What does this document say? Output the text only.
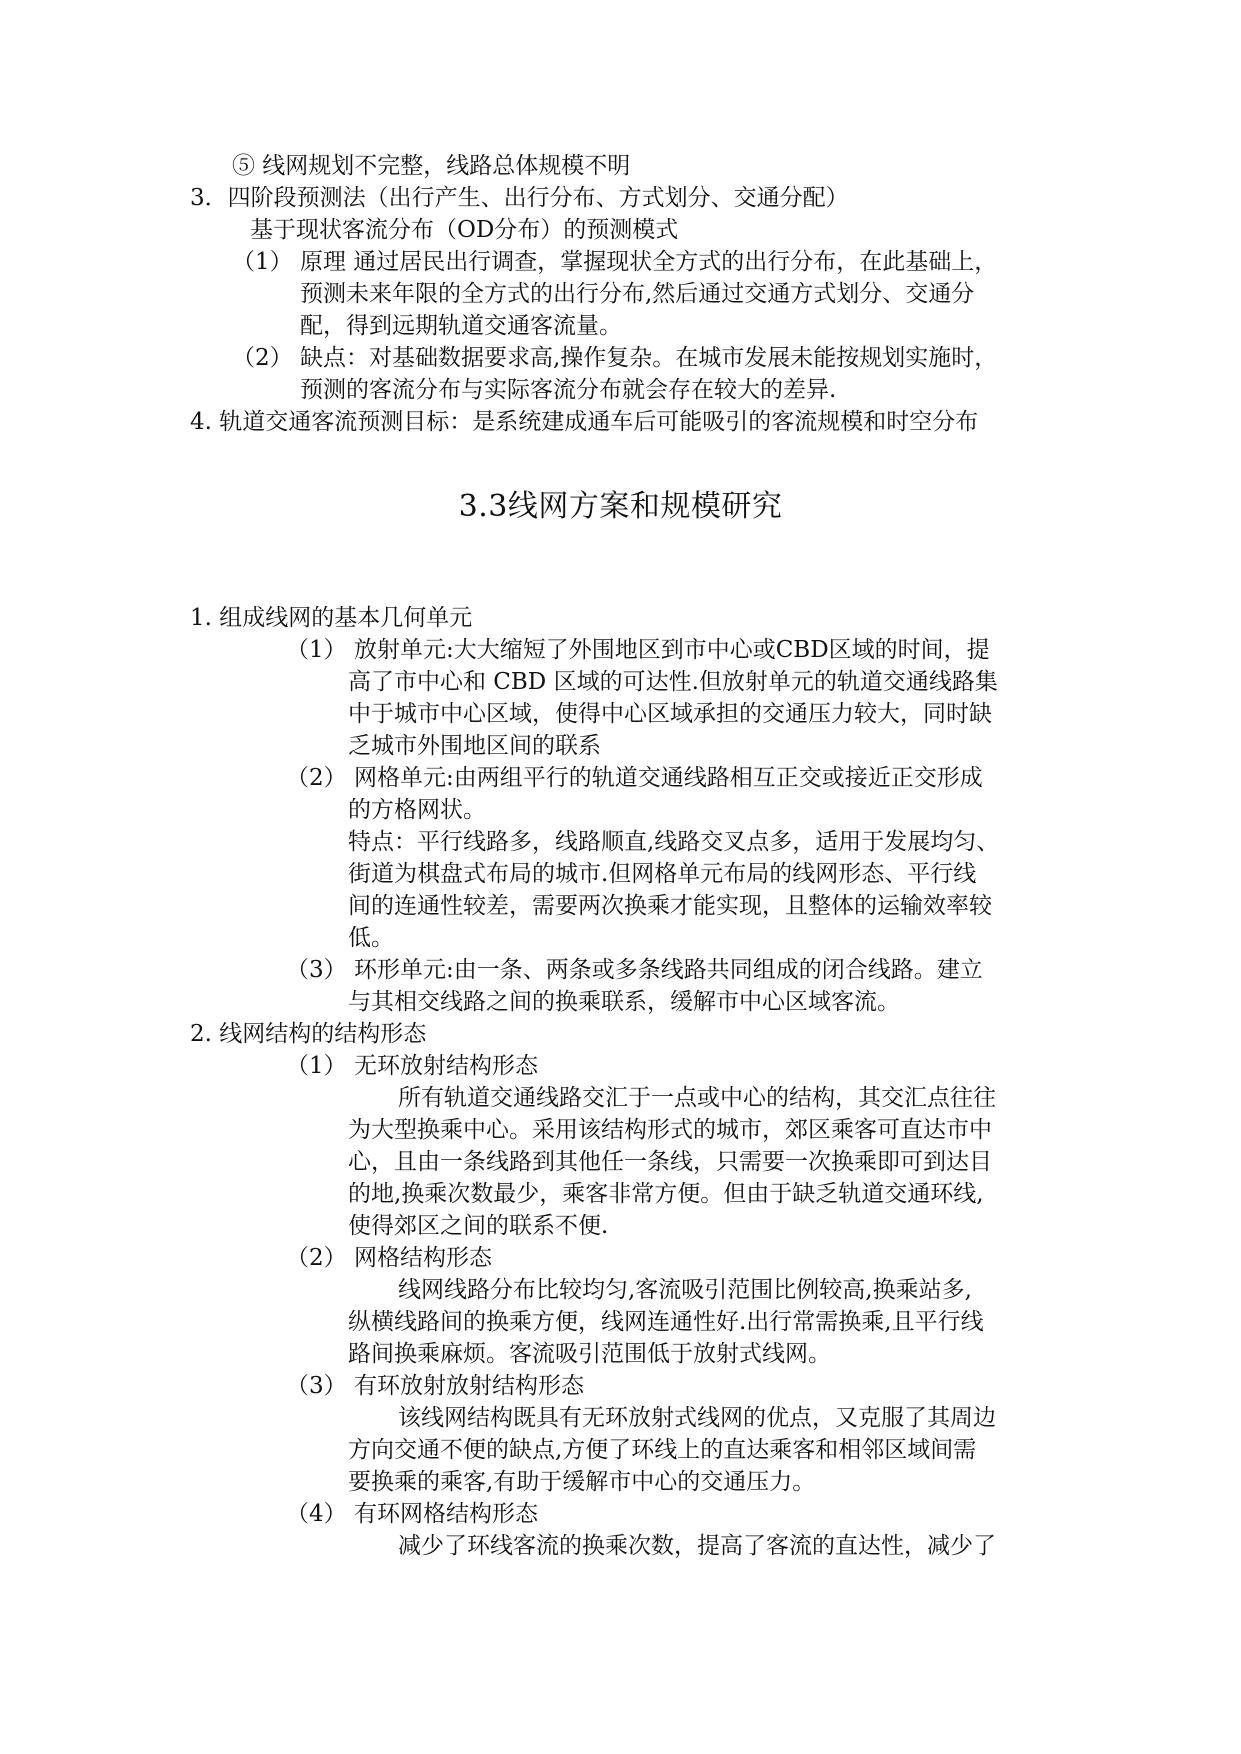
⑤ 线网规划不完整，线路总体规模不明
3．四阶段预测法（出行产生、出行分布、方式划分、交通分配）
基于现状客流分布（OD分布）的预测模式
（1） 原理 通过居民出行调查，掌握现状全方式的出行分布，在此基础上，
预测未来年限的全方式的出行分布,然后通过交通方式划分、交通分
配，得到远期轨道交通客流量。
（2） 缺点：对基础数据要求高,操作复杂。在城市发展未能按规划实施时，
预测的客流分布与实际客流分布就会存在较大的差异.
4. 轨道交通客流预测目标：是系统建成通车后可能吸引的客流规模和时空分布
3.3线网方案和规模研究
1. 组成线网的基本几何单元
（1） 放射单元:大大缩短了外围地区到市中心或CBD区域的时间，提
高了市中心和 CBD 区域的可达性.但放射单元的轨道交通线路集
中于城市中心区域，使得中心区域承担的交通压力较大，同时缺
乏城市外围地区间的联系
（2） 网格单元:由两组平行的轨道交通线路相互正交或接近正交形成
的方格网状。
特点：平行线路多，线路顺直,线路交叉点多，适用于发展均匀、
街道为棋盘式布局的城市.但网格单元布局的线网形态、平行线
间的连通性较差，需要两次换乘才能实现，且整体的运输效率较
低。
（3） 环形单元:由一条、两条或多条线路共同组成的闭合线路。建立
与其相交线路之间的换乘联系，缓解市中心区域客流。
2. 线网结构的结构形态
（1） 无环放射结构形态
所有轨道交通线路交汇于一点或中心的结构，其交汇点往往
为大型换乘中心。采用该结构形式的城市，郊区乘客可直达市中
心，且由一条线路到其他任一条线，只需要一次换乘即可到达目
的地,换乘次数最少，乘客非常方便。但由于缺乏轨道交通环线,
使得郊区之间的联系不便.
（2） 网格结构形态
线网线路分布比较均匀,客流吸引范围比例较高,换乘站多,
纵横线路间的换乘方便，线网连通性好.出行常需换乘,且平行线
路间换乘麻烦。客流吸引范围低于放射式线网。
（3） 有环放射放射结构形态
该线网结构既具有无环放射式线网的优点，又克服了其周边
方向交通不便的缺点,方便了环线上的直达乘客和相邻区域间需
要换乘的乘客,有助于缓解市中心的交通压力。
（4） 有环网格结构形态
减少了环线客流的换乘次数，提高了客流的直达性，减少了
